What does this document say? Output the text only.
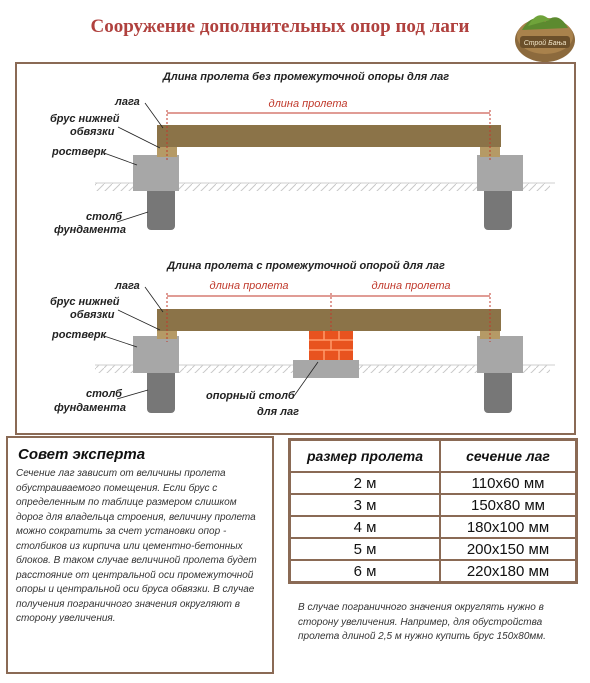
Сооружение дополнительных опор под лаги
Строй Бања
Длина пролета без промежуточной опоры для лаг
длина пролета
лага
брус нижней
обвязки
ростверк
столб
фундамента
Длина пролета с промежуточной опорой для лаг
длина пролета	длина пролета
лага
брус нижней
обвязки
ростверк
столб
фундамента
опорный столб
для лаг
Совет эксперта

Сечение лаг зависит от величины пролета обустраиваемого помещения. Если брус с определенным по таблице размером слишком дорог для владельца строения, величину пролета можно сократить за счет установки опор - столбиков из кирпича или цементно-бетонных блоков. В таком случае величиной пролета будет расстояние от центральной оси промежуточной опоры и центральной оси бруса обвязки. В случае получения пограничного значения округляют в сторону увеличения.

размер пролета	сечение лаг
2 м	110х60 мм
3 м	150х80 мм
4 м	180х100 мм
5 м	200х150 мм
6 м	220х180 мм
В случае пограничного значения округлять нужно в сторону увеличения. Например, для обустройства пролета длиной 2,5 м нужно купить брус 150х80мм.
